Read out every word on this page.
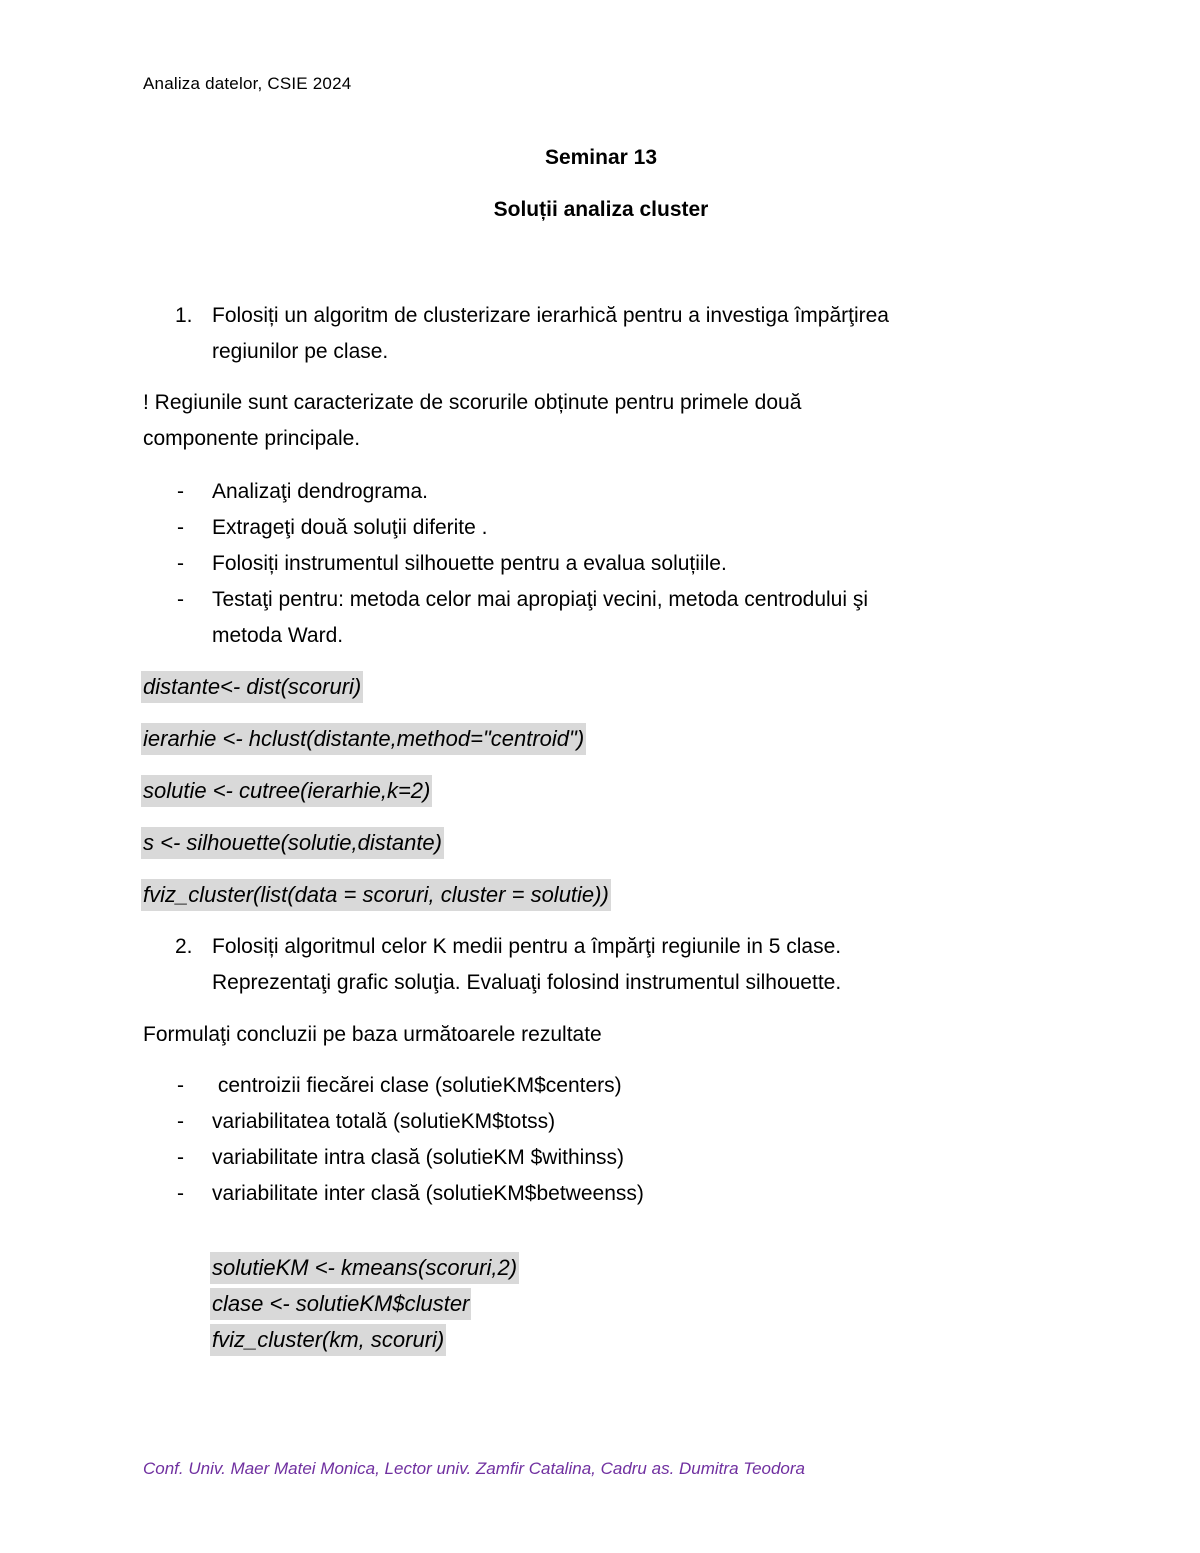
Analiza datelor, CSIE 2024
Seminar 13
Soluții analiza cluster
1. Folosiți un algoritm de clusterizare ierarhică pentru a investiga împărţirea
regiunilor pe clase.
! Regiunile sunt caracterizate de scorurile obținute pentru primele două
componente principale.
- Analizaţi dendrograma.
- Extrageţi două soluţii diferite .
- Folosiți instrumentul silhouette pentru a evalua soluțiile.
- Testaţi pentru: metoda celor mai apropiaţi vecini, metoda centrodului şi
metoda Ward.
distante<- dist(scoruri)
ierarhie <- hclust(distante,method="centroid")
solutie <- cutree(ierarhie,k=2)
s <- silhouette(solutie,distante)
fviz_cluster(list(data = scoruri, cluster = solutie))
2. Folosiți algoritmul celor K medii pentru a împărţi regiunile in 5 clase.
Reprezentaţi grafic soluţia. Evaluaţi folosind instrumentul silhouette.
Formulaţi concluzii pe baza următoarele rezultate
- centroizii fiecărei clase (solutieKM$centers)
- variabilitatea totală (solutieKM$totss)
- variabilitate intra clasă (solutieKM $withinss)
- variabilitate inter clasă (solutieKM$betweenss)
solutieKM <- kmeans(scoruri,2)
clase <- solutieKM$cluster
fviz_cluster(km, scoruri)
Conf. Univ. Maer Matei Monica, Lector univ. Zamfir Catalina, Cadru as. Dumitra Teodora
